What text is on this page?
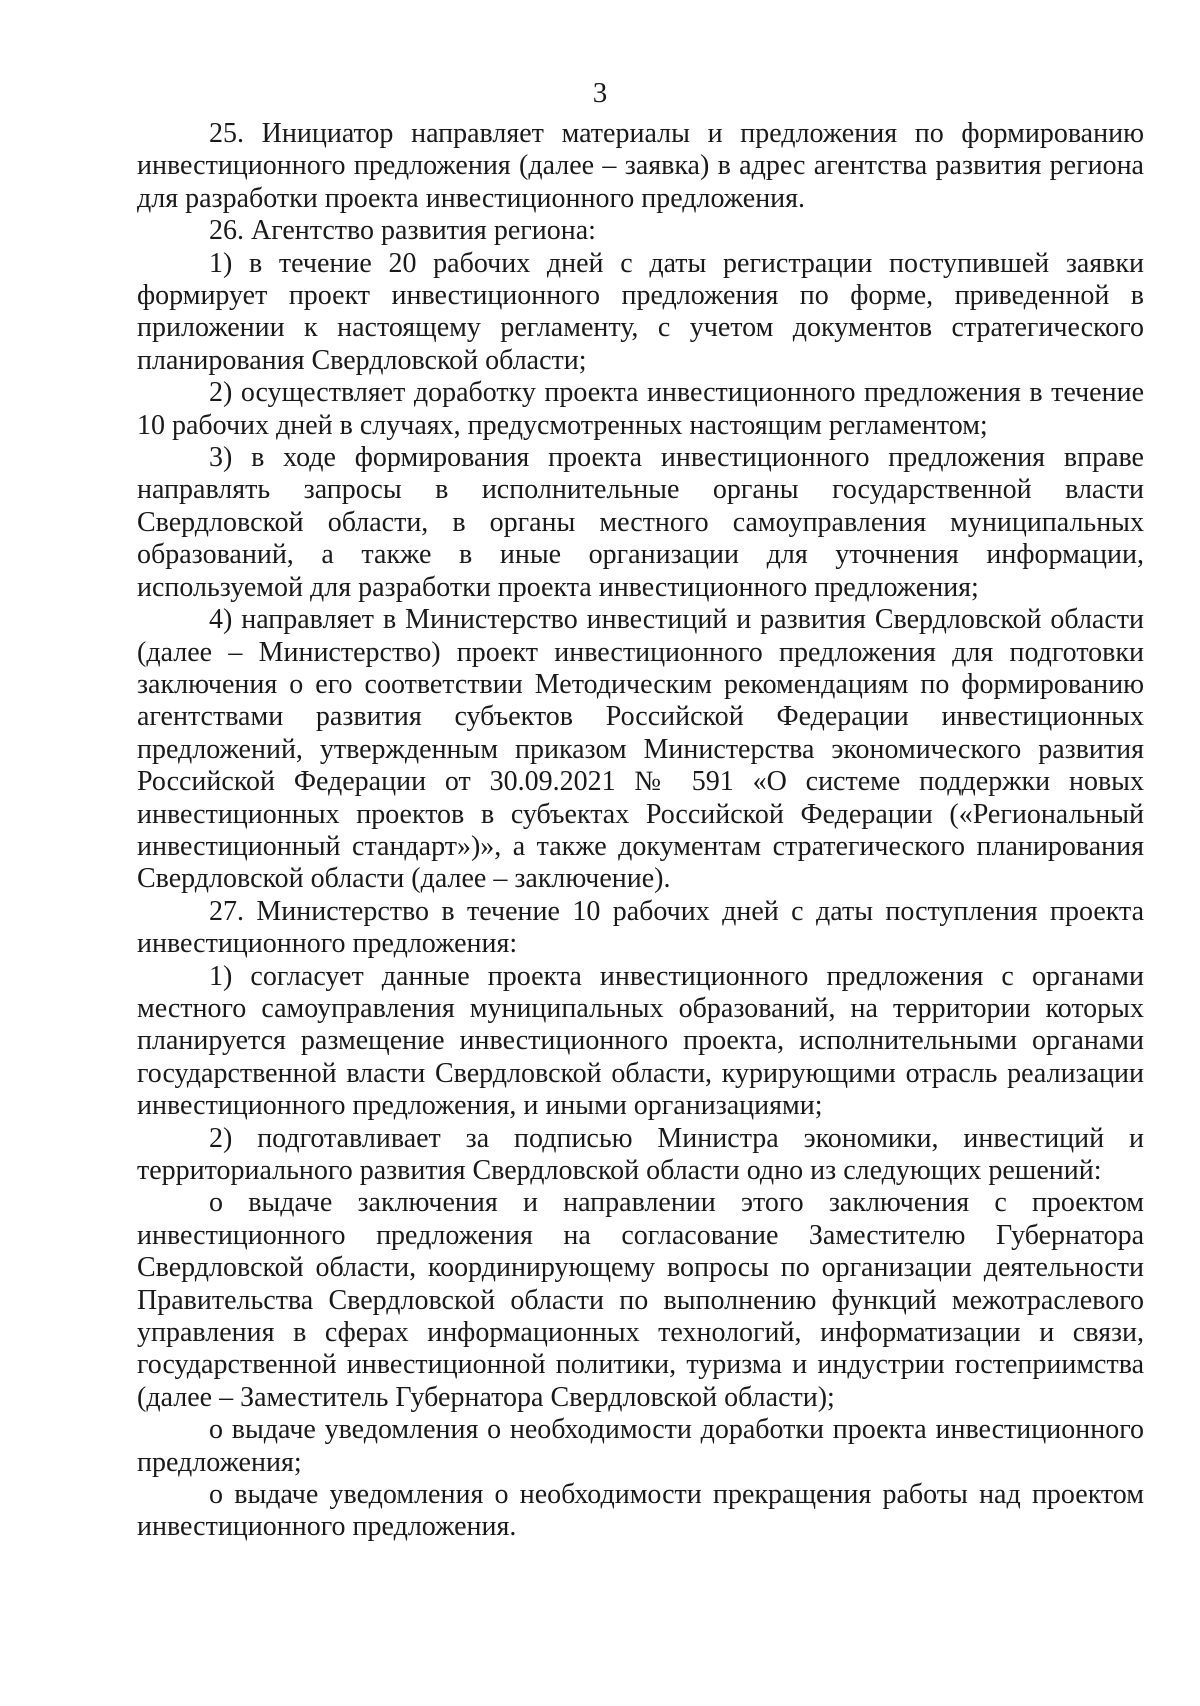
3

25. Инициатор направляет материалы и предложения по формированию инвестиционного предложения (далее – заявка) в адрес агентства развития региона для разработки проекта инвестиционного предложения.

26. Агентство развития региона:

1) в течение 20 рабочих дней с даты регистрации поступившей заявки формирует проект инвестиционного предложения по форме, приведенной в приложении к настоящему регламенту, с учетом документов стратегического планирования Свердловской области;

2) осуществляет доработку проекта инвестиционного предложения в течение 10 рабочих дней в случаях, предусмотренных настоящим регламентом;

3) в ходе формирования проекта инвестиционного предложения вправе направлять запросы в исполнительные органы государственной власти Свердловской области, в органы местного самоуправления муниципальных образований, а также в иные организации для уточнения информации, используемой для разработки проекта инвестиционного предложения;

4) направляет в Министерство инвестиций и развития Свердловской области (далее – Министерство) проект инвестиционного предложения для подготовки заключения о его соответствии Методическим рекомендациям по формированию агентствами развития субъектов Российской Федерации инвестиционных предложений, утвержденным приказом Министерства экономического развития Российской Федерации от 30.09.2021 № 591 «О системе поддержки новых инвестиционных проектов в субъектах Российской Федерации («Региональный инвестиционный стандарт»)», а также документам стратегического планирования Свердловской области (далее – заключение).

27. Министерство в течение 10 рабочих дней с даты поступления проекта инвестиционного предложения:

1) согласует данные проекта инвестиционного предложения с органами местного самоуправления муниципальных образований, на территории которых планируется размещение инвестиционного проекта, исполнительными органами государственной власти Свердловской области, курирующими отрасль реализации инвестиционного предложения, и иными организациями;

2) подготавливает за подписью Министра экономики, инвестиций и территориального развития Свердловской области одно из следующих решений:

о выдаче заключения и направлении этого заключения с проектом инвестиционного предложения на согласование Заместителю Губернатора Свердловской области, координирующему вопросы по организации деятельности Правительства Свердловской области по выполнению функций межотраслевого управления в сферах информационных технологий, информатизации и связи, государственной инвестиционной политики, туризма и индустрии гостеприимства (далее – Заместитель Губернатора Свердловской области);

о выдаче уведомления о необходимости доработки проекта инвестиционного предложения;

о выдаче уведомления о необходимости прекращения работы над проектом инвестиционного предложения.
